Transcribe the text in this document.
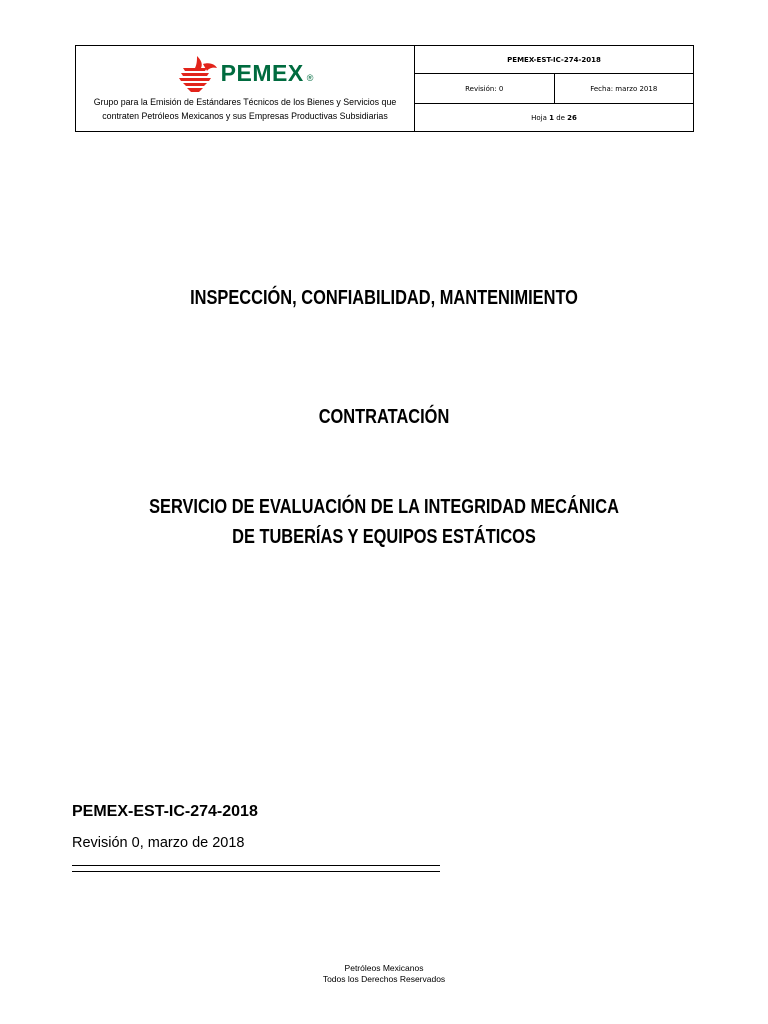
PEMEX ®
Grupo para la Emisión de Estándares Técnicos de los Bienes y Servicios que
contraten Petróleos Mexicanos y sus Empresas Productivas Subsidiarias	PEMEX-EST-IC-274-2018	
	Revisión: 0	Fecha: marzo 2018
	Hoja 1 de 26	
INSPECCIÓN, CONFIABILIDAD, MANTENIMIENTO
CONTRATACIÓN
SERVICIO DE EVALUACIÓN DE LA INTEGRIDAD MECÁNICA
DE TUBERÍAS Y EQUIPOS ESTÁTICOS
PEMEX-EST-IC-274-2018
Revisión 0, marzo de 2018
Petróleos Mexicanos
Todos los Derechos Reservados
